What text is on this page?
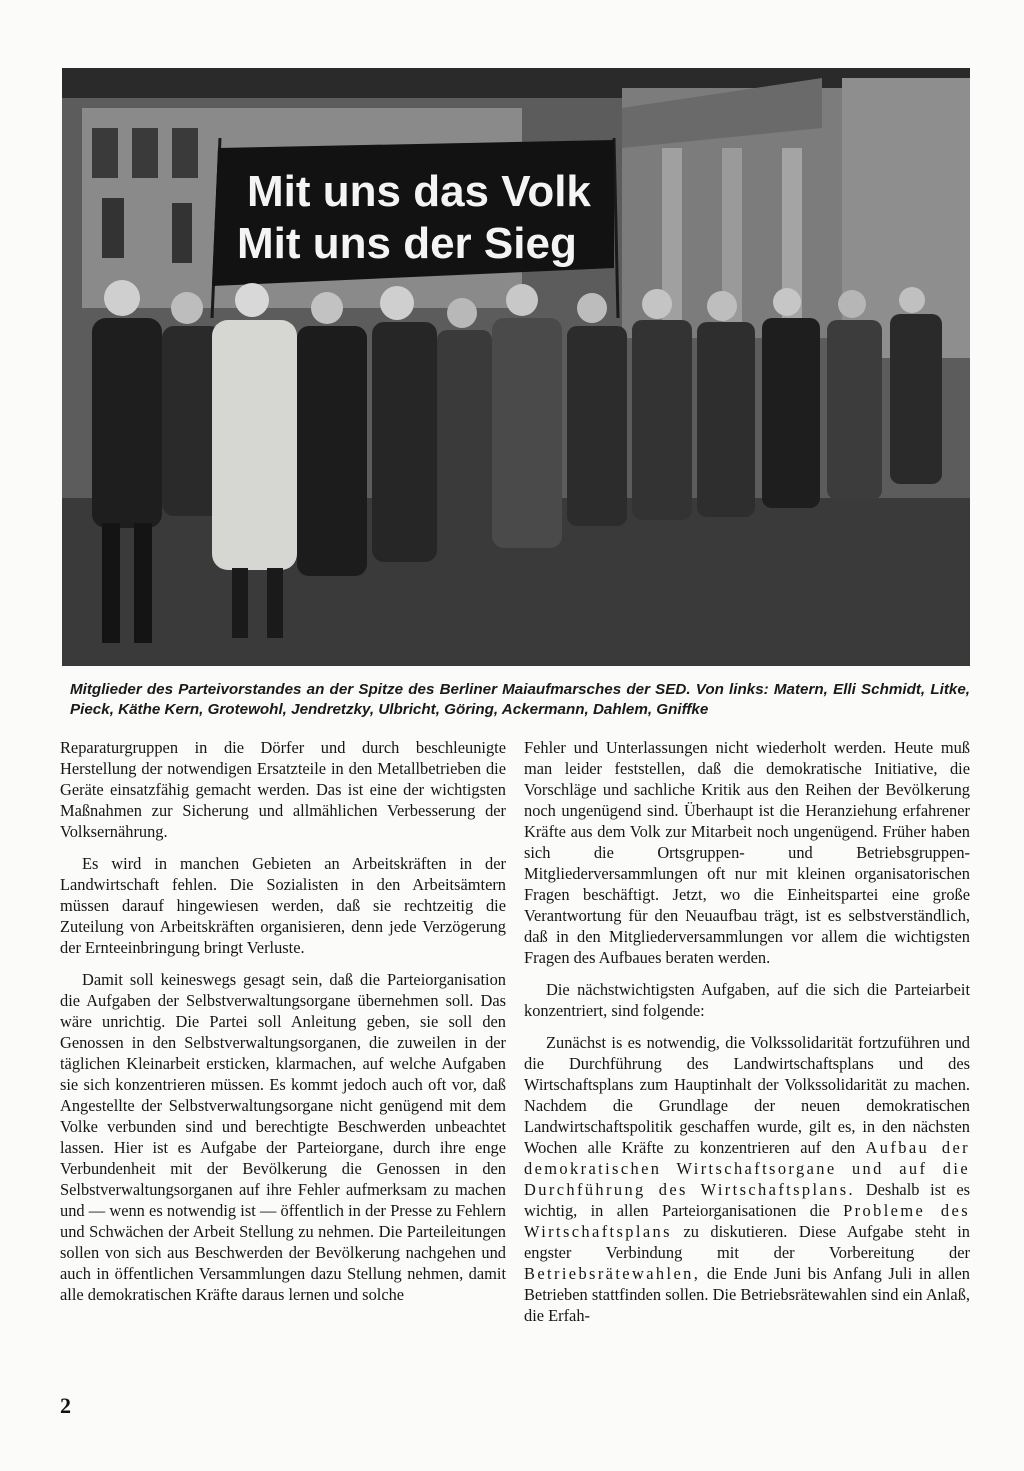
Mit uns das Volk
Mit uns der Sieg
Mitglieder des Parteivorstandes an der Spitze des Berliner Maiaufmarsches der SED. Von links: Matern, Elli Schmidt, Litke, Pieck, Käthe Kern, Grotewohl, Jendretzky, Ulbricht, Göring, Ackermann, Dahlem, Gniffke

Reparaturgruppen in die Dörfer und durch beschleunigte Herstellung der notwendigen Ersatzteile in den Metallbetrieben die Geräte einsatzfähig gemacht werden. Das ist eine der wichtigsten Maßnahmen zur Sicherung und allmählichen Verbesserung der Volksernährung.

Es wird in manchen Gebieten an Arbeitskräften in der Landwirtschaft fehlen. Die Sozialisten in den Arbeitsämtern müssen darauf hingewiesen werden, daß sie rechtzeitig die Zuteilung von Arbeitskräften organisieren, denn jede Verzögerung der Ernteeinbringung bringt Verluste.

Damit soll keineswegs gesagt sein, daß die Parteiorganisation die Aufgaben der Selbstverwaltungsorgane übernehmen soll. Das wäre unrichtig. Die Partei soll Anleitung geben, sie soll den Genossen in den Selbstverwaltungsorganen, die zuweilen in der täglichen Kleinarbeit ersticken, klarmachen, auf welche Aufgaben sie sich konzentrieren müssen. Es kommt jedoch auch oft vor, daß Angestellte der Selbstverwaltungsorgane nicht genügend mit dem Volke verbunden sind und berechtigte Beschwerden unbeachtet lassen. Hier ist es Aufgabe der Parteiorgane, durch ihre enge Verbundenheit mit der Bevölkerung die Genossen in den Selbstverwaltungsorganen auf ihre Fehler aufmerksam zu machen und — wenn es notwendig ist — öffentlich in der Presse zu Fehlern und Schwächen der Arbeit Stellung zu nehmen. Die Parteileitungen sollen von sich aus Beschwerden der Bevölkerung nachgehen und auch in öffentlichen Versammlungen dazu Stellung nehmen, damit alle demokratischen Kräfte daraus lernen und solche

Fehler und Unterlassungen nicht wiederholt werden. Heute muß man leider feststellen, daß die demokratische Initiative, die Vorschläge und sachliche Kritik aus den Reihen der Bevölkerung noch ungenügend sind. Überhaupt ist die Heranziehung erfahrener Kräfte aus dem Volk zur Mitarbeit noch ungenügend. Früher haben sich die Ortsgruppen- und Betriebsgruppen-Mitgliederversammlungen oft nur mit kleinen organisatorischen Fragen beschäftigt. Jetzt, wo die Einheitspartei eine große Verantwortung für den Neuaufbau trägt, ist es selbstverständlich, daß in den Mitgliederversammlungen vor allem die wichtigsten Fragen des Aufbaues beraten werden.

Die nächstwichtigsten Aufgaben, auf die sich die Parteiarbeit konzentriert, sind folgende:

Zunächst is es notwendig, die Volkssolidarität fortzuführen und die Durchführung des Landwirtschaftsplans und des Wirtschaftsplans zum Hauptinhalt der Volkssolidarität zu machen. Nachdem die Grundlage der neuen demokratischen Landwirtschaftspolitik geschaffen wurde, gilt es, in den nächsten Wochen alle Kräfte zu konzentrieren auf den Aufbau der demokratischen Wirtschaftsorgane und auf die Durchführung des Wirtschaftsplans. Deshalb ist es wichtig, in allen Parteiorganisationen die Probleme des Wirtschaftsplans zu diskutieren. Diese Aufgabe steht in engster Verbindung mit der Vorbereitung der Betriebsrätewahlen, die Ende Juni bis Anfang Juli in allen Betrieben stattfinden sollen. Die Betriebsrätewahlen sind ein Anlaß, die Erfah-

2
